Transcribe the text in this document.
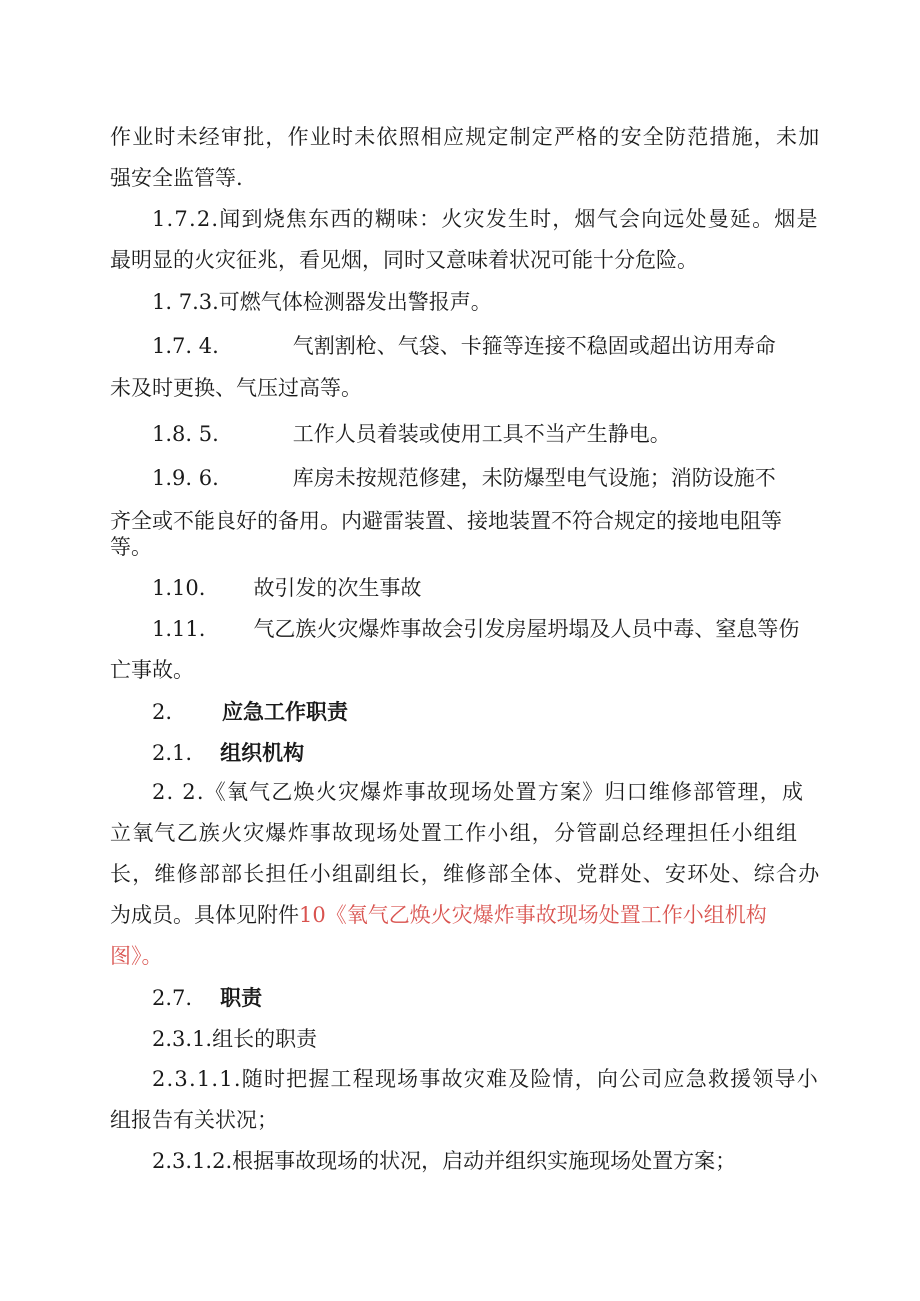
作业时未经审批，作业时未依照相应规定制定严格的安全防范措施，未加
强安全监管等.
1.7.2.闻到烧焦东西的糊味：火灾发生时，烟气会向远处曼延。烟是
最明显的火灾征兆，看见烟，同时又意味着状况可能十分危险。
1. 7.3.可燃气体检测器发出警报声。
1.7. 4.	气割割枪、气袋、卡箍等连接不稳固或超出访用寿命
未及时更换、气压过高等。
1.8. 5.	工作人员着装或使用工具不当产生静电。
1.9. 6.	库房未按规范修建，未防爆型电气设施；消防设施不
齐全或不能良好的备用。内避雷装置、接地装置不符合规定的接地电阻等
等。
1.10. 故引发的次生事故
1.11. 气乙族火灾爆炸事故会引发房屋坍塌及人员中毒、窒息等伤
亡事故。
2. 应急工作职责
2.1. 组织机构
2. 2.《氧气乙焕火灾爆炸事故现场处置方案》归口维修部管理，成
立氧气乙族火灾爆炸事故现场处置工作小组，分管副总经理担任小组组
长，维修部部长担任小组副组长，维修部全体、党群处、安环处、综合办
为成员。具体见附件10《氧气乙焕火灾爆炸事故现场处置工作小组机构
图》。
2.7. 职责
2.3.1.组长的职责
2.3.1.1.随时把握工程现场事故灾难及险情，向公司应急救援领导小
组报告有关状况；
2.3.1.2.根据事故现场的状况，启动并组织实施现场处置方案；
